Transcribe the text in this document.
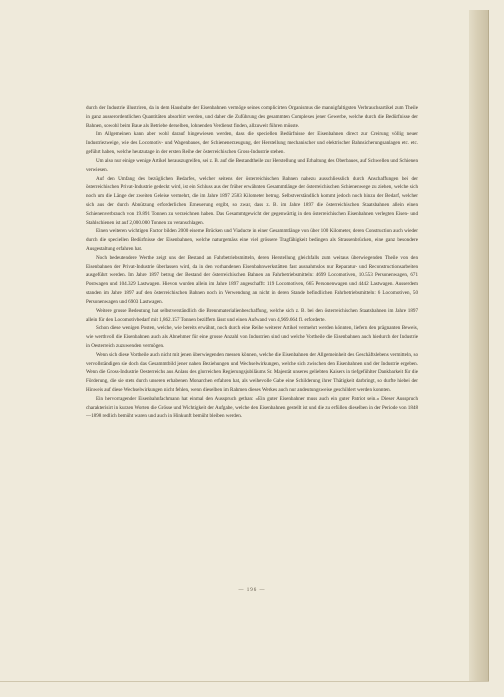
durch der Industrie illustriren, da in dem Haushalte der Eisenbahnen vermöge seines complicirten Organismus die mannigfaltigsten Verbrauchsartikel zum Theile in ganz ausserordentlichen Quantitäten absorbirt werden, und daher die Zuführung des gesammten Complexes jener Gewerbe, welche durch die Bedürfnisse der Bahnen, sowohl beim Baue als Betriebe derselben, lohnenden Verdienst finden, allzuweit führen müsste.

Im Allgemeinen kann aber wohl darauf hingewiesen werden, dass die speciellen Bedürfnisse der Eisenbahnen direct zur Creirung völlig neuer Industriezweige, wie des Locomotiv- und Wagenbaues, der Schienenerzeugung, der Herstellung mechanischer und elektrischer Bahnsicherungsanlagen etc. etc. geführt haben, welche heutzutage in der ersten Reihe der österreichischen Gross-Industrie stehen.

Um also nur einige wenige Artikel herauszugreifen, sei z. B. auf die Bestandtheile zur Herstellung und Erhaltung des Oberbaues, auf Schwellen und Schienen verwiesen.

Auf den Umfang des bezüglichen Bedarfes, welcher seitens der österreichischen Bahnen nahezu ausschliesslich durch Anschaffungen bei der österreichischen Privat-Industrie gedeckt wird, ist ein Schluss aus der früher erwähnten Gesammtlänge der österreichischen Schienenwege zu ziehen, welche sich noch um die Länge der zweiten Geleise vermehrt, die im Jahre 1897 2583 Kilometer betrug. Selbstverständlich kommt jedoch noch hinzu der Bedarf, welcher sich aus der durch Abnützung erforderlichen Erneuerung ergibt, so zwar, dass z. B. im Jahre 1897 die österreichischen Staatsbahnen allein einen Schienenverbrauch von 19.891 Tonnen zu verzeichnen haben. Das Gesammtgewicht der gegenwärtig in den österreichischen Eisenbahnen verlegten Eisen- und Stahlschienen ist auf 2,000.000 Tonnen zu veranschlagen.

Einen weiteren wichtigen Factor bilden 2000 eiserne Brücken und Viaducte in einer Gesammtlänge von über 100 Kilometer, deren Construction auch wieder durch die speciellen Bedürfnisse der Eisenbahnen, welche naturgemäss eine viel grössere Tragfähigkeit bedingen als Strassenbrücken, eine ganz besondere Ausgestaltung erfahren hat.

Noch bedeutendere Werthe zeigt uns der Bestand an Fahrbetriebsmitteln, deren Herstellung gleichfalls zum weitaus überwiegenden Theile von den Eisenbahnen der Privat-Industrie überlassen wird, da in den vorhandenen Eisenbahnwerkstätten fast ausnahmslos nur Reparatur- und Reconstructionsarbeiten ausgeführt werden. Im Jahre 1897 betrug der Bestand der österreichischen Bahnen an Fahrbetriebsmitteln: 4699 Locomotiven, 10.553 Personenwagen, 671 Postwagen und 104.329 Lastwagen. Hievon wurden allein im Jahre 1897 angeschafft: 119 Locomotiven, 665 Personenwagen und 4442 Lastwagen. Ausserdem standen im Jahre 1897 auf den österreichischen Bahnen noch in Verwendung an nicht in deren Stande befindlichen Fahrbetriebsmitteln: 6 Locomotiven, 50 Personenwagen und 6903 Lastwagen.

Weitere grosse Bedeutung hat selbstverständlich die Brennmaterialienbeschaffung, welche sich z. B. bei den österreichischen Staatsbahnen im Jahre 1897 allein für den Locomotivbedarf mit 1,862.157 Tonnen beziffern lässt und einen Aufwand von 4,969.664 fl. erforderte.

Schon diese wenigen Posten, welche, wie bereits erwähnt, noch durch eine Reihe weiterer Artikel vermehrt werden könnten, liefern den prägnanten Beweis, wie werthvoll die Eisenbahnen auch als Abnehmer für eine grosse Anzahl von Industrien sind und welche Vortheile die Eisenbahnen auch hiedurch der Industrie in Oesterreich zuzuwenden vermögen.

Wenn sich diese Vortheile auch nicht mit jenen überwiegenden messen können, welche die Eisenbahnen der Allgemeinheit des Geschäftslebens vermitteln, so vervollständigen sie doch das Gesammtbild jener nahen Beziehungen und Wechselwirkungen, welche sich zwischen den Eisenbahnen und der Industrie ergeben. Wenn die Gross-Industrie Oesterreichs aus Anlass des glorreichen Regierungsjubiläums Sr. Majestät unseres geliebten Kaisers in tiefgefühlter Dankbarkeit für die Förderung, die sie stets durch unseren erhabenen Monarchen erfahren hat, als weihevolle Gabe eine Schilderung ihrer Thätigkeit darbringt, so durfte hiebei der Hinweis auf diese Wechselwirkungen nicht fehlen, wenn dieselben im Rahmen dieses Werkes auch nur andeutungsweise geschildert werden konnten.

Ein hervorragender Eisenbahnfachmann hat einmal den Ausspruch gethan: »Ein guter Eisenbahner muss auch ein guter Patriot sein.« Dieser Ausspruch charakterisirt in kurzen Worten die Grösse und Wichtigkeit der Aufgabe, welche den Eisenbahnen gestellt ist und die zu erfüllen dieselben in der Periode von 1848—1898 redlich bemüht waren und auch in Hinkunft bemüht bleiben werden.

— 196 —
